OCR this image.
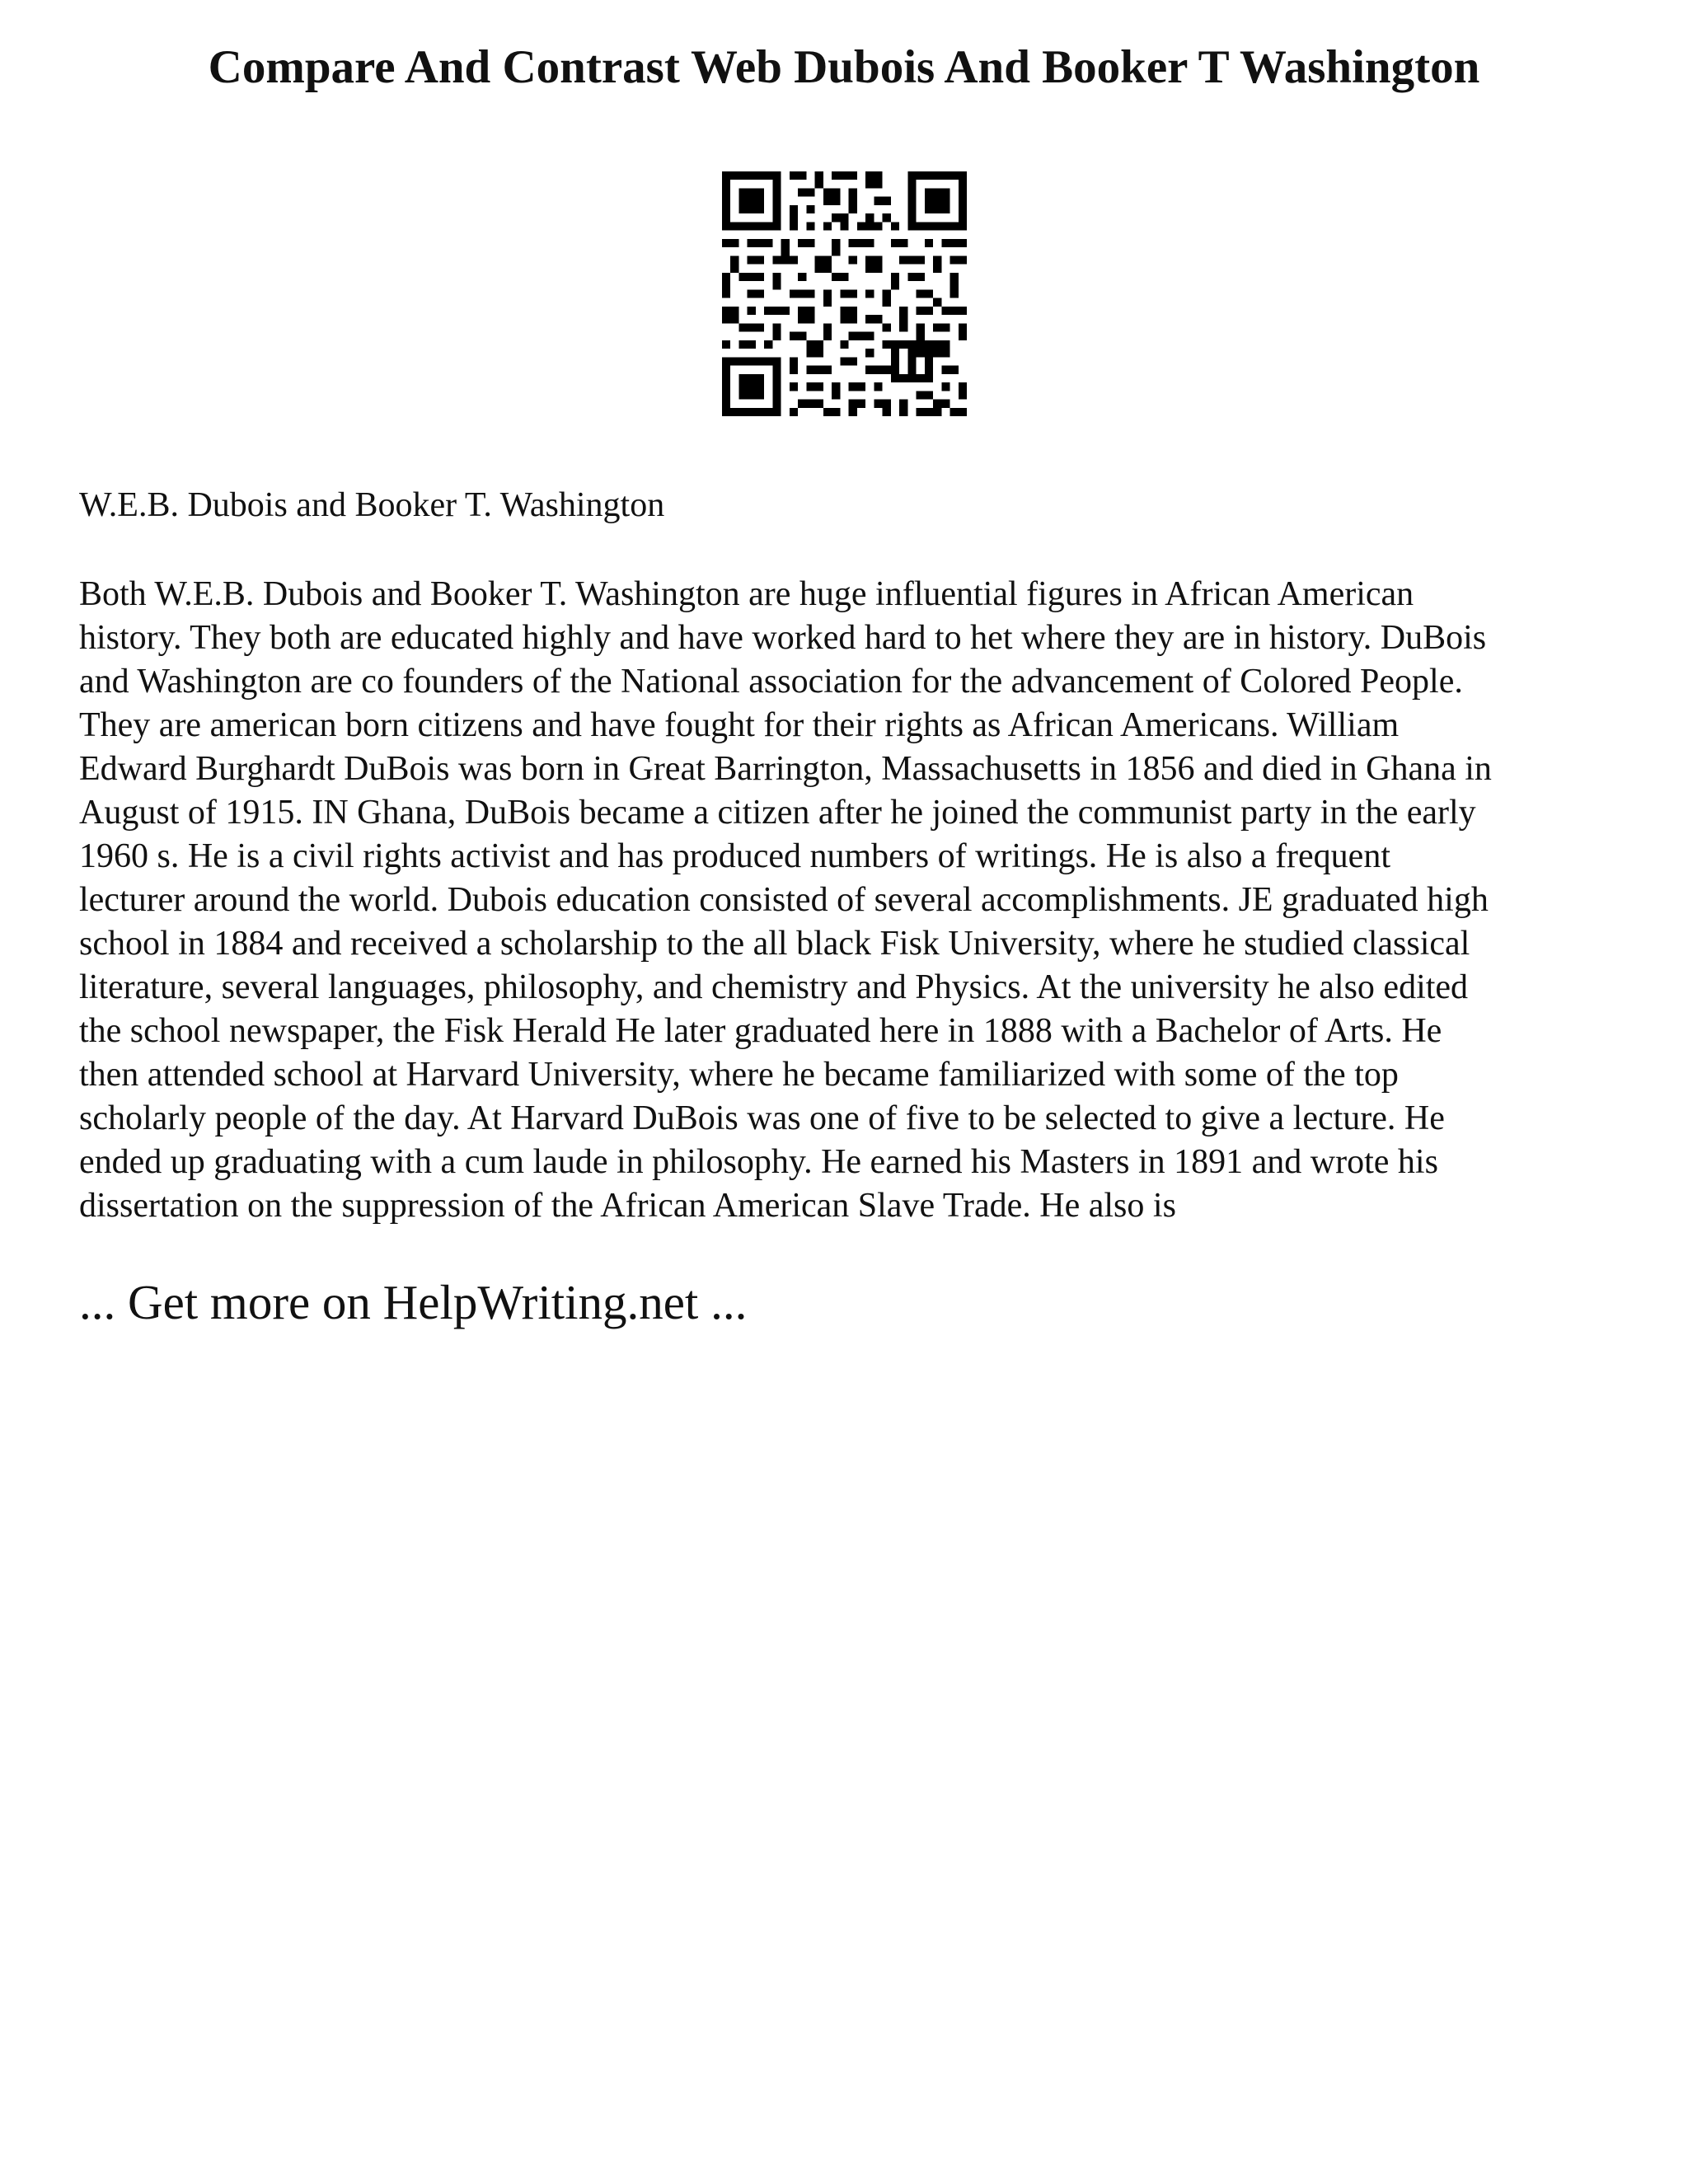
Compare And Contrast Web Dubois And Booker T Washington

W.E.B. Dubois and Booker T. Washington

Both W.E.B. Dubois and Booker T. Washington are huge influential figures in African American
history. They both are educated highly and have worked hard to het where they are in history. DuBois
and Washington are co founders of the National association for the advancement of Colored People.
They are american born citizens and have fought for their rights as African Americans. William
Edward Burghardt DuBois was born in Great Barrington, Massachusetts in 1856 and died in Ghana in
August of 1915. IN Ghana, DuBois became a citizen after he joined the communist party in the early
1960 s. He is a civil rights activist and has produced numbers of writings. He is also a frequent
lecturer around the world. Dubois education consisted of several accomplishments. JE graduated high
school in 1884 and received a scholarship to the all black Fisk University, where he studied classical
literature, several languages, philosophy, and chemistry and Physics. At the university he also edited
the school newspaper, the Fisk Herald He later graduated here in 1888 with a Bachelor of Arts. He
then attended school at Harvard University, where he became familiarized with some of the top
scholarly people of the day. At Harvard DuBois was one of five to be selected to give a lecture. He
ended up graduating with a cum laude in philosophy. He earned his Masters in 1891 and wrote his
dissertation on the suppression of the African American Slave Trade. He also is

... Get more on HelpWriting.net ...
